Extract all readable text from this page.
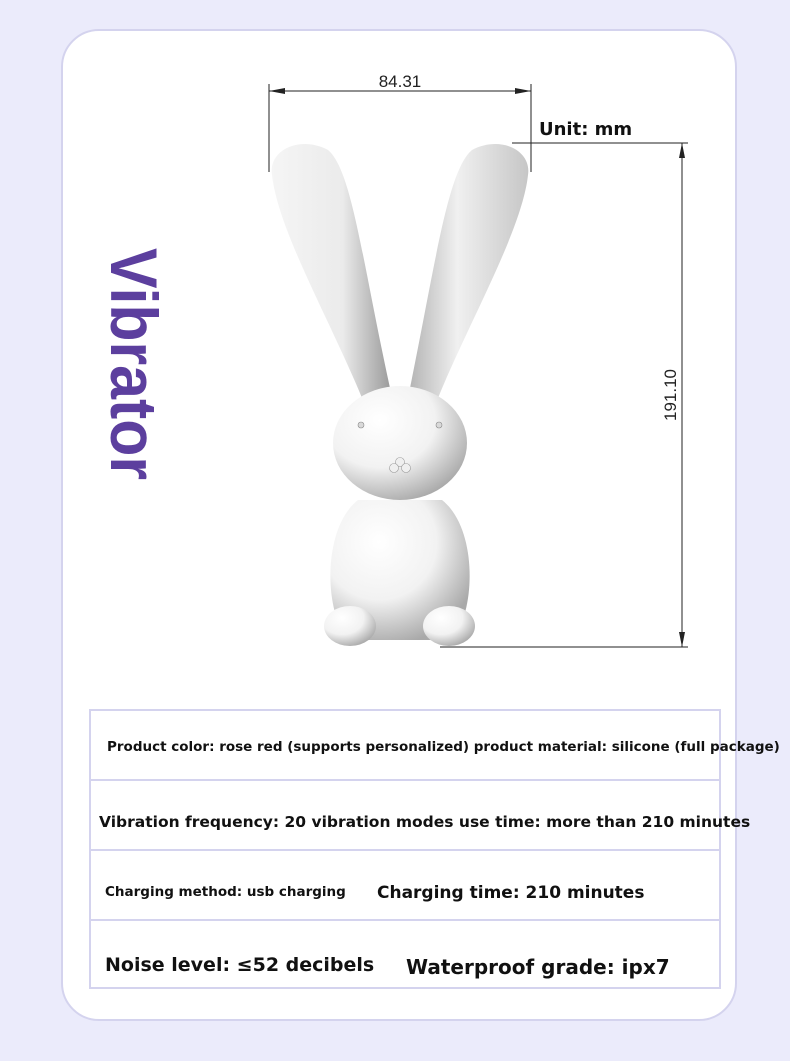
Vibrator
84.31
191.10
Unit: mm
Product color: rose red (supports personalized) product material: silicone (full package)
Vibration frequency: 20 vibration modes use time: more than 210 minutes
Charging method: usb charging Charging time: 210 minutes
Noise level: ≤52 decibels Waterproof grade: ipx7
